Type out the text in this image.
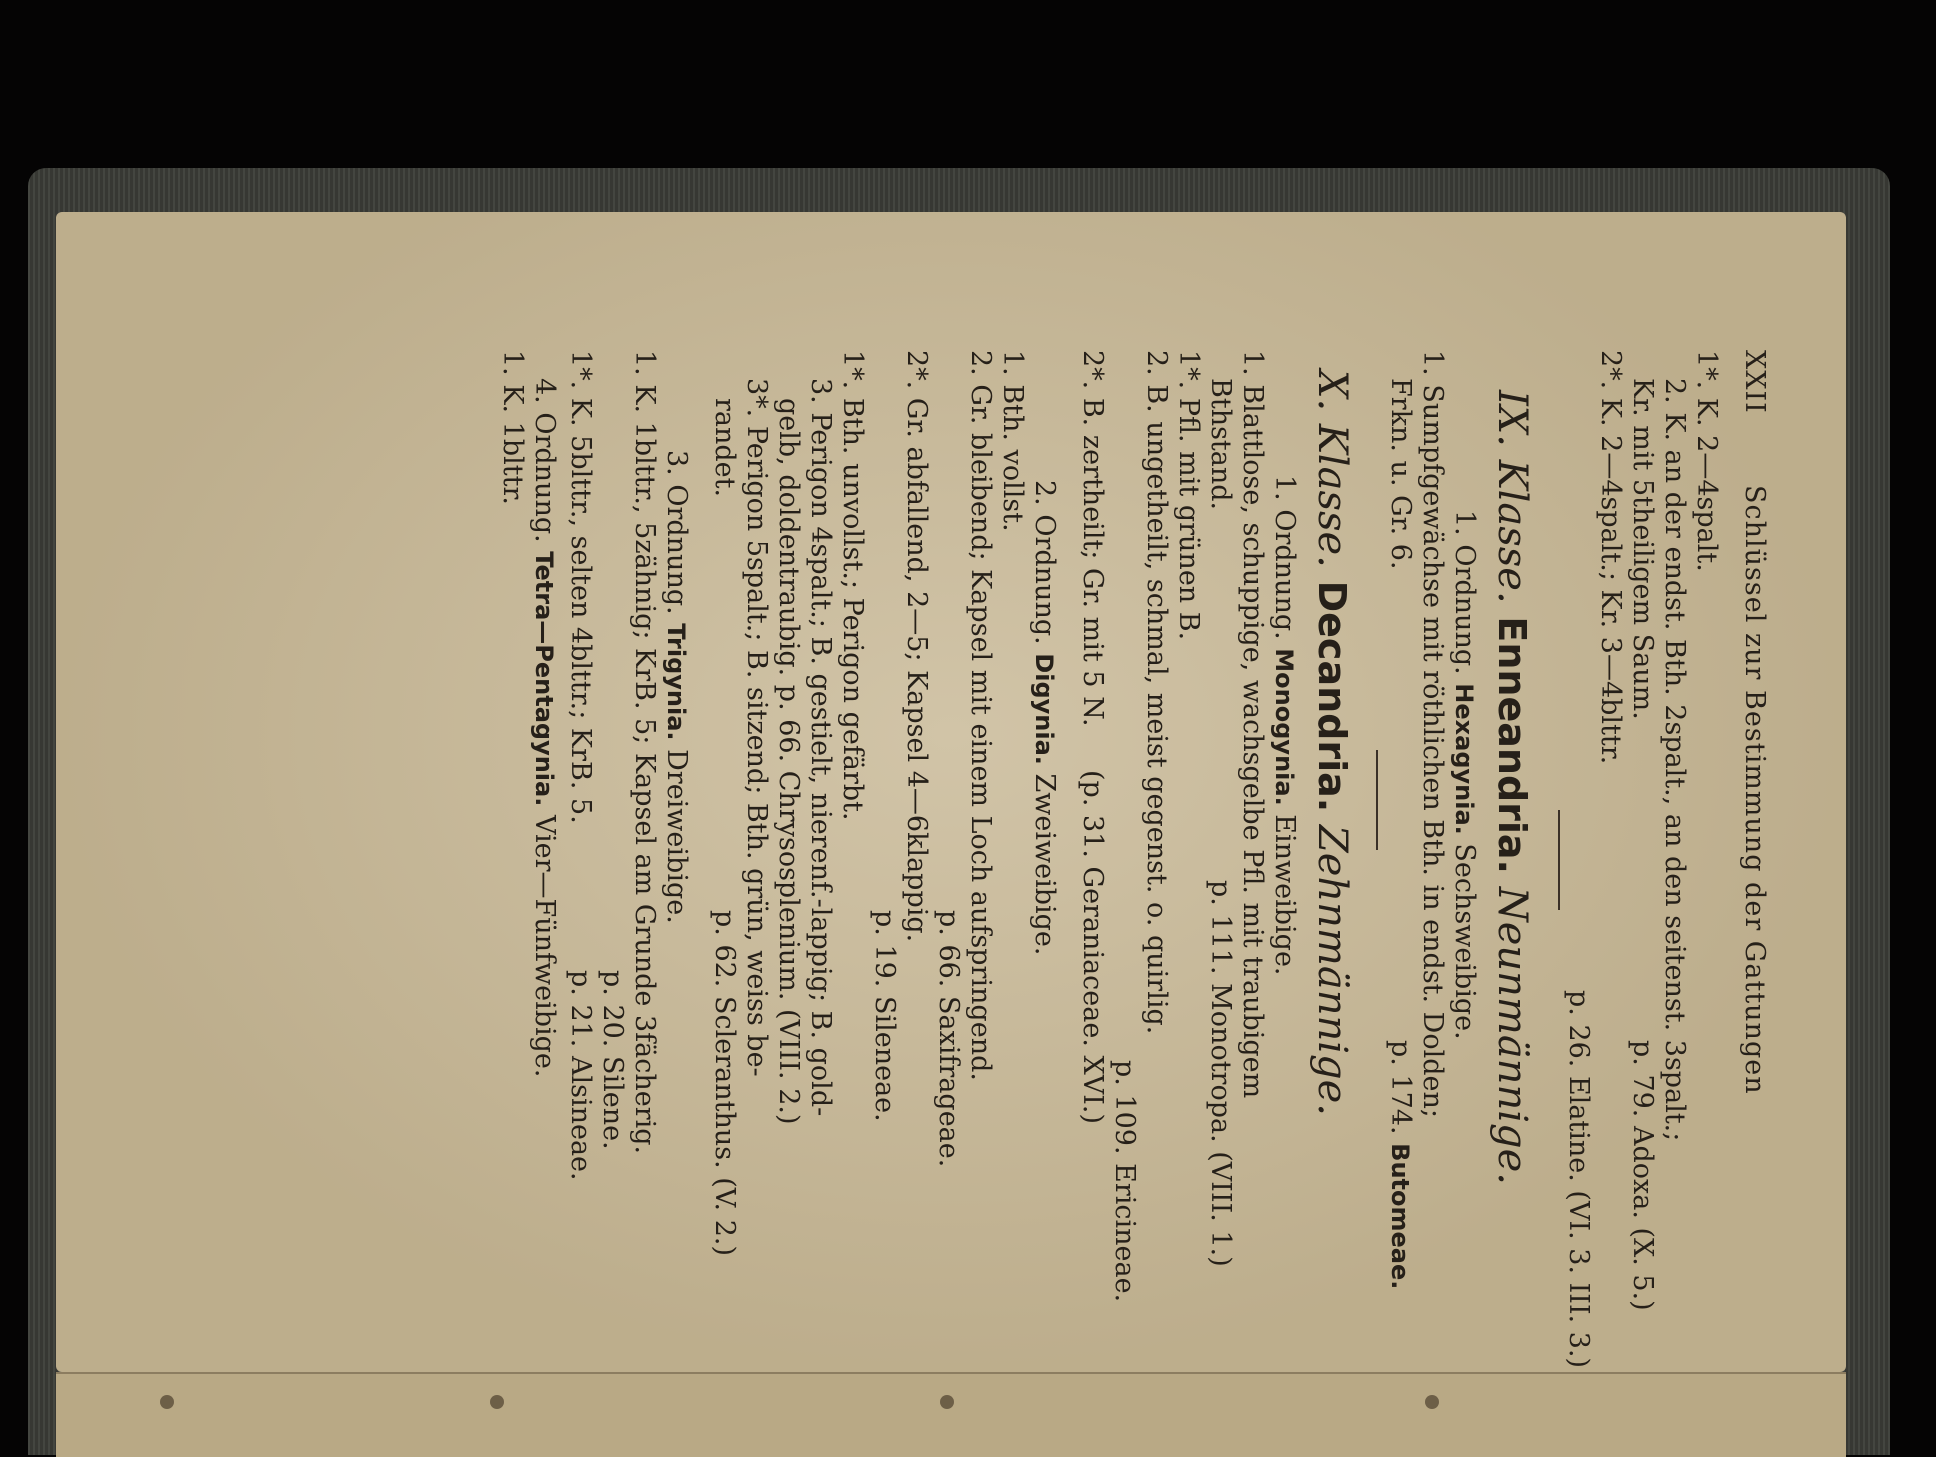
XXII
Schlüssel zur Bestimmung der Gattungen
1*. K. 2—4spalt.
2. K. an der endst. Bth. 2spalt., an den seitenst. 3spalt.;
Kr. mit 5theiligem Saum.
p. 79. Adoxa. (X. 5.)
2*. K. 2—4spalt.; Kr. 3—4blttr.
p. 26. Elatine. (VI. 3. III. 3.)
IX. Klasse. Enneandria. Neunmännige.
1. Ordnung. Hexagynia. Sechsweibige.
1. Sumpfgewächse mit röthlichen Bth. in endst. Dolden;
Frkn. u. Gr. 6.
p. 174. Butomeae.
X. Klasse. Decandria. Zehnmännige.
1. Ordnung. Monogynia. Einweibige.
1. Blattlose, schuppige, wachsgelbe Pfl. mit traubigem
Bthstand.
p. 111. Monotropa. (VIII. 1.)
1*. Pfl. mit grünen B.
2. B. ungetheilt, schmal, meist gegenst. o. quirlig.
p. 109. Ericineae.
2*. B. zertheilt; Gr. mit 5 N.
(p. 31. Geraniaceae. XVI.)
2. Ordnung. Digynia. Zweiweibige.
1. Bth. vollst.
2. Gr. bleibend; Kapsel mit einem Loch aufspringend.
p. 66. Saxifrageae.
2*. Gr. abfallend, 2—5; Kapsel 4—6klappig.
p. 19. Sileneae.
1*. Bth. unvollst.; Perigon gefärbt.
3. Perigon 4spalt.; B. gestielt, nierenf.-lappig; B. gold-
gelb, doldentraubig. p. 66. Chrysosplenium. (VIII. 2.)
3*. Perigon 5spalt.; B. sitzend; Bth. grün, weiss be-
randet.
p. 62. Scleranthus. (V. 2.)
3. Ordnung. Trigynia. Dreiweibige.
1. K. 1blttr., 5zähnig; KrB. 5; Kapsel am Grunde 3fächerig.
p. 20. Silene.
1*. K. 5blttr., selten 4blttr.; KrB. 5.
p. 21. Alsineae.
4. Ordnung. Tetra—Pentagynia. Vier—Fünfweibige.
1. K. 1blttr.
